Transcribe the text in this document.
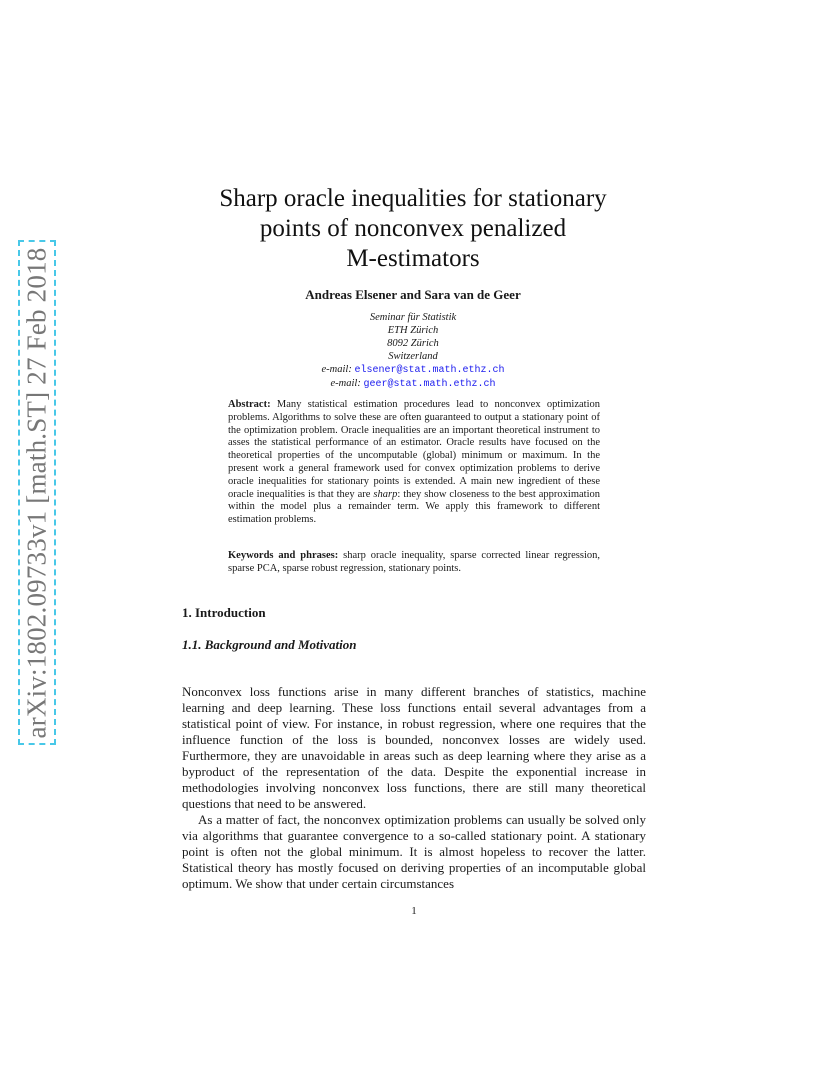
arXiv:1802.09733v1 [math.ST] 27 Feb 2018
Sharp oracle inequalities for stationary
points of nonconvex penalized
M-estimators
Andreas Elsener and Sara van de Geer
Seminar für Statistik
ETH Zürich
8092 Zürich
Switzerland
e-mail: elsener@stat.math.ethz.ch
e-mail: geer@stat.math.ethz.ch
Abstract: Many statistical estimation procedures lead to nonconvex optimization problems. Algorithms to solve these are often guaranteed to output a stationary point of the optimization problem. Oracle inequalities are an important theoretical instrument to asses the statistical performance of an estimator. Oracle results have focused on the theoretical properties of the uncomputable (global) minimum or maximum. In the present work a general framework used for convex optimization problems to derive oracle inequalities for stationary points is extended. A main new ingredient of these oracle inequalities is that they are sharp: they show closeness to the best approximation within the model plus a remainder term. We apply this framework to different estimation problems.
Keywords and phrases: sharp oracle inequality, sparse corrected linear regression, sparse PCA, sparse robust regression, stationary points.
1. Introduction
1.1. Background and Motivation

Nonconvex loss functions arise in many different branches of statistics, machine learning and deep learning. These loss functions entail several advantages from a statistical point of view. For instance, in robust regression, where one requires that the influence function of the loss is bounded, nonconvex losses are widely used. Furthermore, they are unavoidable in areas such as deep learning where they arise as a byproduct of the representation of the data. Despite the exponential increase in methodologies involving nonconvex loss functions, there are still many theoretical questions that need to be answered.

As a matter of fact, the nonconvex optimization problems can usually be solved only via algorithms that guarantee convergence to a so-called stationary point. A stationary point is often not the global minimum. It is almost hopeless to recover the latter. Statistical theory has mostly focused on deriving properties of an incomputable global optimum. We show that under certain circumstances

1
